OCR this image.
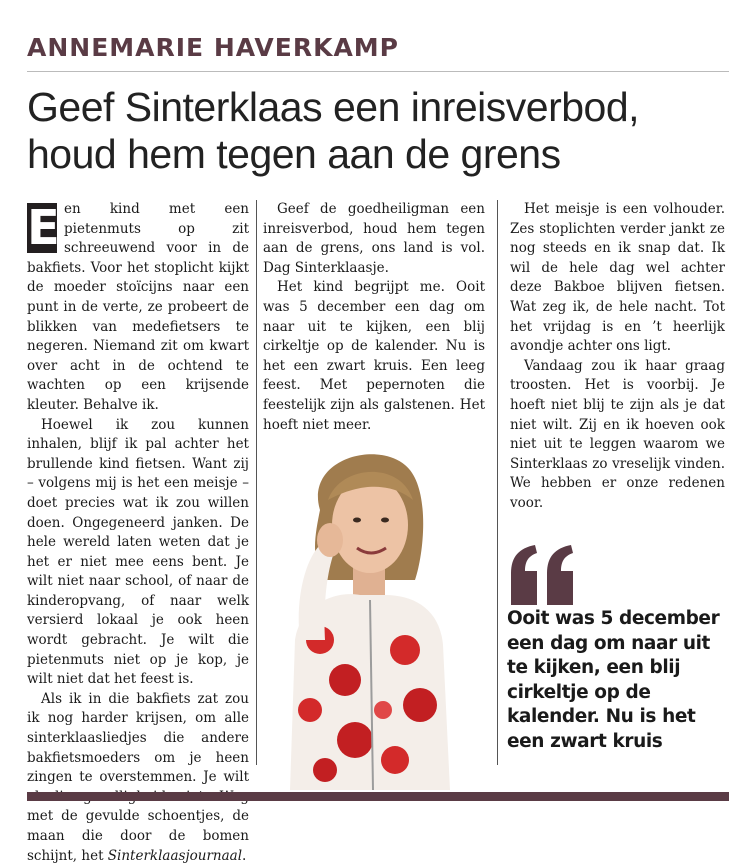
ANNEMARIE HAVERKAMP
Geef Sinterklaas een inreisverbod,
houd hem tegen aan de grens

E en kind met een pietenmuts op zit schreeuwend voor in de bakfiets. Voor het stoplicht kijkt de moeder stoïcijns naar een punt in de verte, ze probeert de blikken van medefietsers te negeren. Niemand zit om kwart over acht in de ochtend te wachten op een krijsende kleuter. Behalve ik.

Hoewel ik zou kunnen inhalen, blijf ik pal achter het brullende kind fietsen. Want zij – volgens mij is het een meisje – doet precies wat ik zou willen doen. Ongegeneerd janken. De hele wereld laten weten dat je het er niet mee eens bent. Je wilt niet naar school, of naar de kinderopvang, of naar welk versierd lokaal je ook heen wordt gebracht. Je wilt die pietenmuts niet op je kop, je wilt niet dat het feest is.

Als ik in die bakfiets zat zou ik nog harder krijsen, om alle sinterklaasliedjes die andere bakfietsmoeders om je heen zingen te overstemmen. Je wilt met de gevulde schoentjes, de maan die door de bomen schijnt, het Sinterklaasjournaal.

Geef de goedheiligman een inreisverbod, houd hem tegen aan de grens, ons land is vol. Dag Sinterklaasje.

Het kind begrijpt me. Ooit was 5 december een dag om naar uit te kijken, een blij cirkeltje op de kalender. Nu is het een zwart kruis. Een leeg feest. Met pepernoten die feestelijk zijn als galstenen. Het hoeft niet meer.

Het meisje is een volhouder. Zes stoplichten verder jankt ze nog steeds en ik snap dat. Ik wil de hele dag wel achter deze Bakboe blijven fietsen. Wat zeg ik, de hele nacht. Tot het vrijdag is en ’t heerlijk avondje achter ons ligt.

Vandaag zou ik haar graag troosten. Het is voorbij. Je hoeft niet blij te zijn als je dat niet wilt. Zij en ik hoeven ook niet uit te leggen waarom we Sinterklaas zo vreselijk vinden. We hebben er onze redenen voor.

Ooit was 5 december een dag om naar uit te kijken, een blij cirkeltje op de kalender. Nu is het een zwart kruis
